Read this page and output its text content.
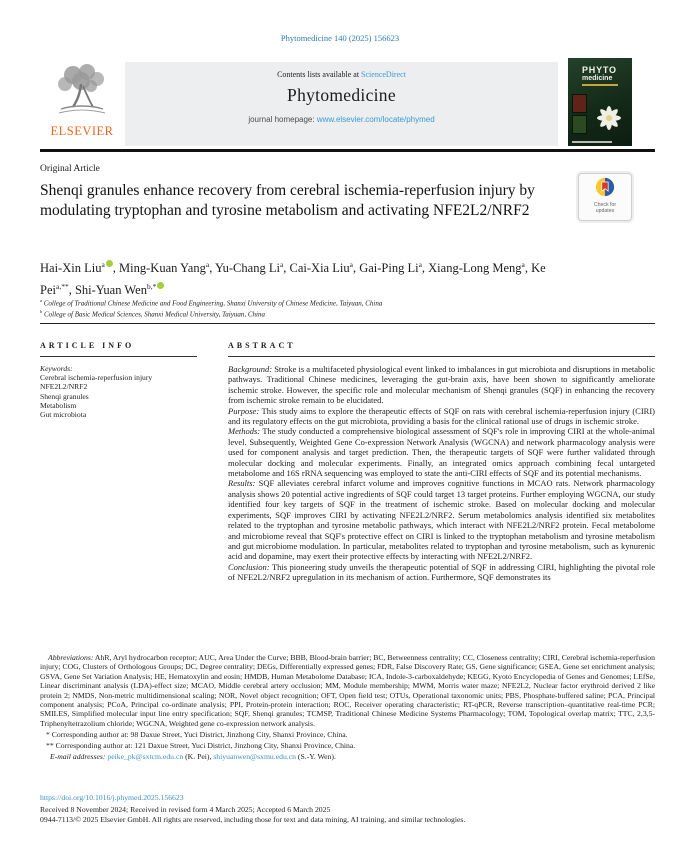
Phytomedicine 140 (2025) 156623
ELSEVIER
Contents lists available at ScienceDirect
Phytomedicine
journal homepage: www.elsevier.com/locate/phymed
PHYTO
medicine
Original Article
Shenqi granules enhance recovery from cerebral ischemia-reperfusion injury by modulating tryptophan and tyrosine metabolism and activating NFE2L2/NRF2	Check for
updates
Hai-Xin Liu$^a$ , Ming-Kuan Yang$^a$, Yu-Chang Li$^a$, Cai-Xia Liu$^a$, Gai-Ping Li$^a$, Xiang-Long Meng$^a$, Ke Pei$^{a,**}$, Shi-Yuan Wen$^{b,*}$
$^a$ College of Traditional Chinese Medicine and Food Engineering, Shanxi University of Chinese Medicine, Taiyuan, China
$^b$ College of Basic Medical Sciences, Shanxi Medical University, Taiyuan, China
ARTICLE INFO
Keywords:
Cerebral ischemia-reperfusion injury
NFE2L2/NRF2
Shenqi granules
Metabolism
Gut microbiota
ABSTRACT

Background: Stroke is a multifaceted physiological event linked to imbalances in gut microbiota and disruptions in metabolic pathways. Traditional Chinese medicines, leveraging the gut-brain axis, have been shown to significantly ameliorate ischemic stroke. However, the specific role and molecular mechanism of Shenqi granules (SQF) in enhancing the recovery from ischemic stroke remain to be elucidated.

Purpose: This study aims to explore the therapeutic effects of SQF on rats with cerebral ischemia-reperfusion injury (CIRI) and its regulatory effects on the gut microbiota, providing a basis for the clinical rational use of drugs in ischemic stroke.

Methods: The study conducted a comprehensive biological assessment of SQF's role in improving CIRI at the whole-animal level. Subsequently, Weighted Gene Co-expression Network Analysis (WGCNA) and network pharmacology analysis were used for component analysis and target prediction. Then, the therapeutic targets of SQF were further validated through molecular docking and molecular experiments. Finally, an integrated omics approach combining fecal untargeted metabolome and 16S rRNA sequencing was employed to state the anti-CIRI effects of SQF and its potential mechanisms.

Results: SQF alleviates cerebral infarct volume and improves cognitive functions in MCAO rats. Network pharmacology analysis shows 20 potential active ingredients of SQF could target 13 target proteins. Further employing WGCNA, our study identified four key targets of SQF in the treatment of ischemic stroke. Based on molecular docking and molecular experiments, SQF improves CIRI by activating NFE2L2/NRF2. Serum metabolomics analysis identified six metabolites related to the tryptophan and tyrosine metabolic pathways, which interact with NFE2L2/NRF2 protein. Fecal metabolome and microbiome reveal that SQF's protective effect on CIRI is linked to the tryptophan metabolism and tyrosine metabolism and gut microbiome modulation. In particular, metabolites related to tryptophan and tyrosine metabolism, such as kynurenic acid and dopamine, may exert their protective effects by interacting with NFE2L2/NRF2.

Conclusion: This pioneering study unveils the therapeutic potential of SQF in addressing CIRI, highlighting the pivotal role of NFE2L2/NRF2 upregulation in its mechanism of action. Furthermore, SQF demonstrates its

Abbreviations: AhR, Aryl hydrocarbon receptor; AUC, Area Under the Curve; BBB, Blood-brain barrier; BC, Betweenness centrality; CC, Closeness centrality; CIRI, Cerebral ischemia-reperfusion injury; COG, Clusters of Orthologous Groups; DC, Degree centrality; DEGs, Differentially expressed genes; FDR, False Discovery Rate; GS, Gene significance; GSEA, Gene set enrichment analysis; GSVA, Gene Set Variation Analysis; HE, Hematoxylin and eosin; HMDB, Human Metabolome Database; ICA, Indole-3-carboxaldehyde; KEGG, Kyoto Encyclopedia of Genes and Genomes; LEfSe, Linear discriminant analysis (LDA)-effect size; MCAO, Middle cerebral artery occlusion; MM, Module membership; MWM, Morris water maze; NFE2L2, Nuclear factor erythroid derived 2 like protein 2; NMDS, Non-metric multidimensional scaling; NOR, Novel object recognition; OFT, Open field test; OTUs, Operational taxonomic units; PBS, Phosphate-buffered saline; PCA, Principal component analysis; PCoA, Principal co-ordinate analysis; PPI, Protein-protein interaction; ROC, Receiver operating characteristic; RT-qPCR, Reverse transcription–quantitative real-time PCR; SMILES, Simplified molecular input line entry specification; SQF, Shenqi granules; TCMSP, Traditional Chinese Medicine Systems Pharmacology; TOM, Topological overlap matrix; TTC, 2,3,5-Triphenyltetrazolium chloride; WGCNA, Weighted gene co-expression network analysis.

* Corresponding author at: 98 Daxue Street, Yuci District, Jinzhong City, Shanxi Province, China.
** Corresponding author at: 121 Daxue Street, Yuci District, Jinzhong City, Shanxi Province, China.
E-mail addresses: peike_pk@sxtcm.edu.cn (K. Pei), shiyuanwen@sxmu.edu.cn (S.-Y. Wen).
https://doi.org/10.1016/j.phymed.2025.156623
Received 8 November 2024; Received in revised form 4 March 2025; Accepted 6 March 2025
0944-7113/© 2025 Elsevier GmbH. All rights are reserved, including those for text and data mining, AI training, and similar technologies.
